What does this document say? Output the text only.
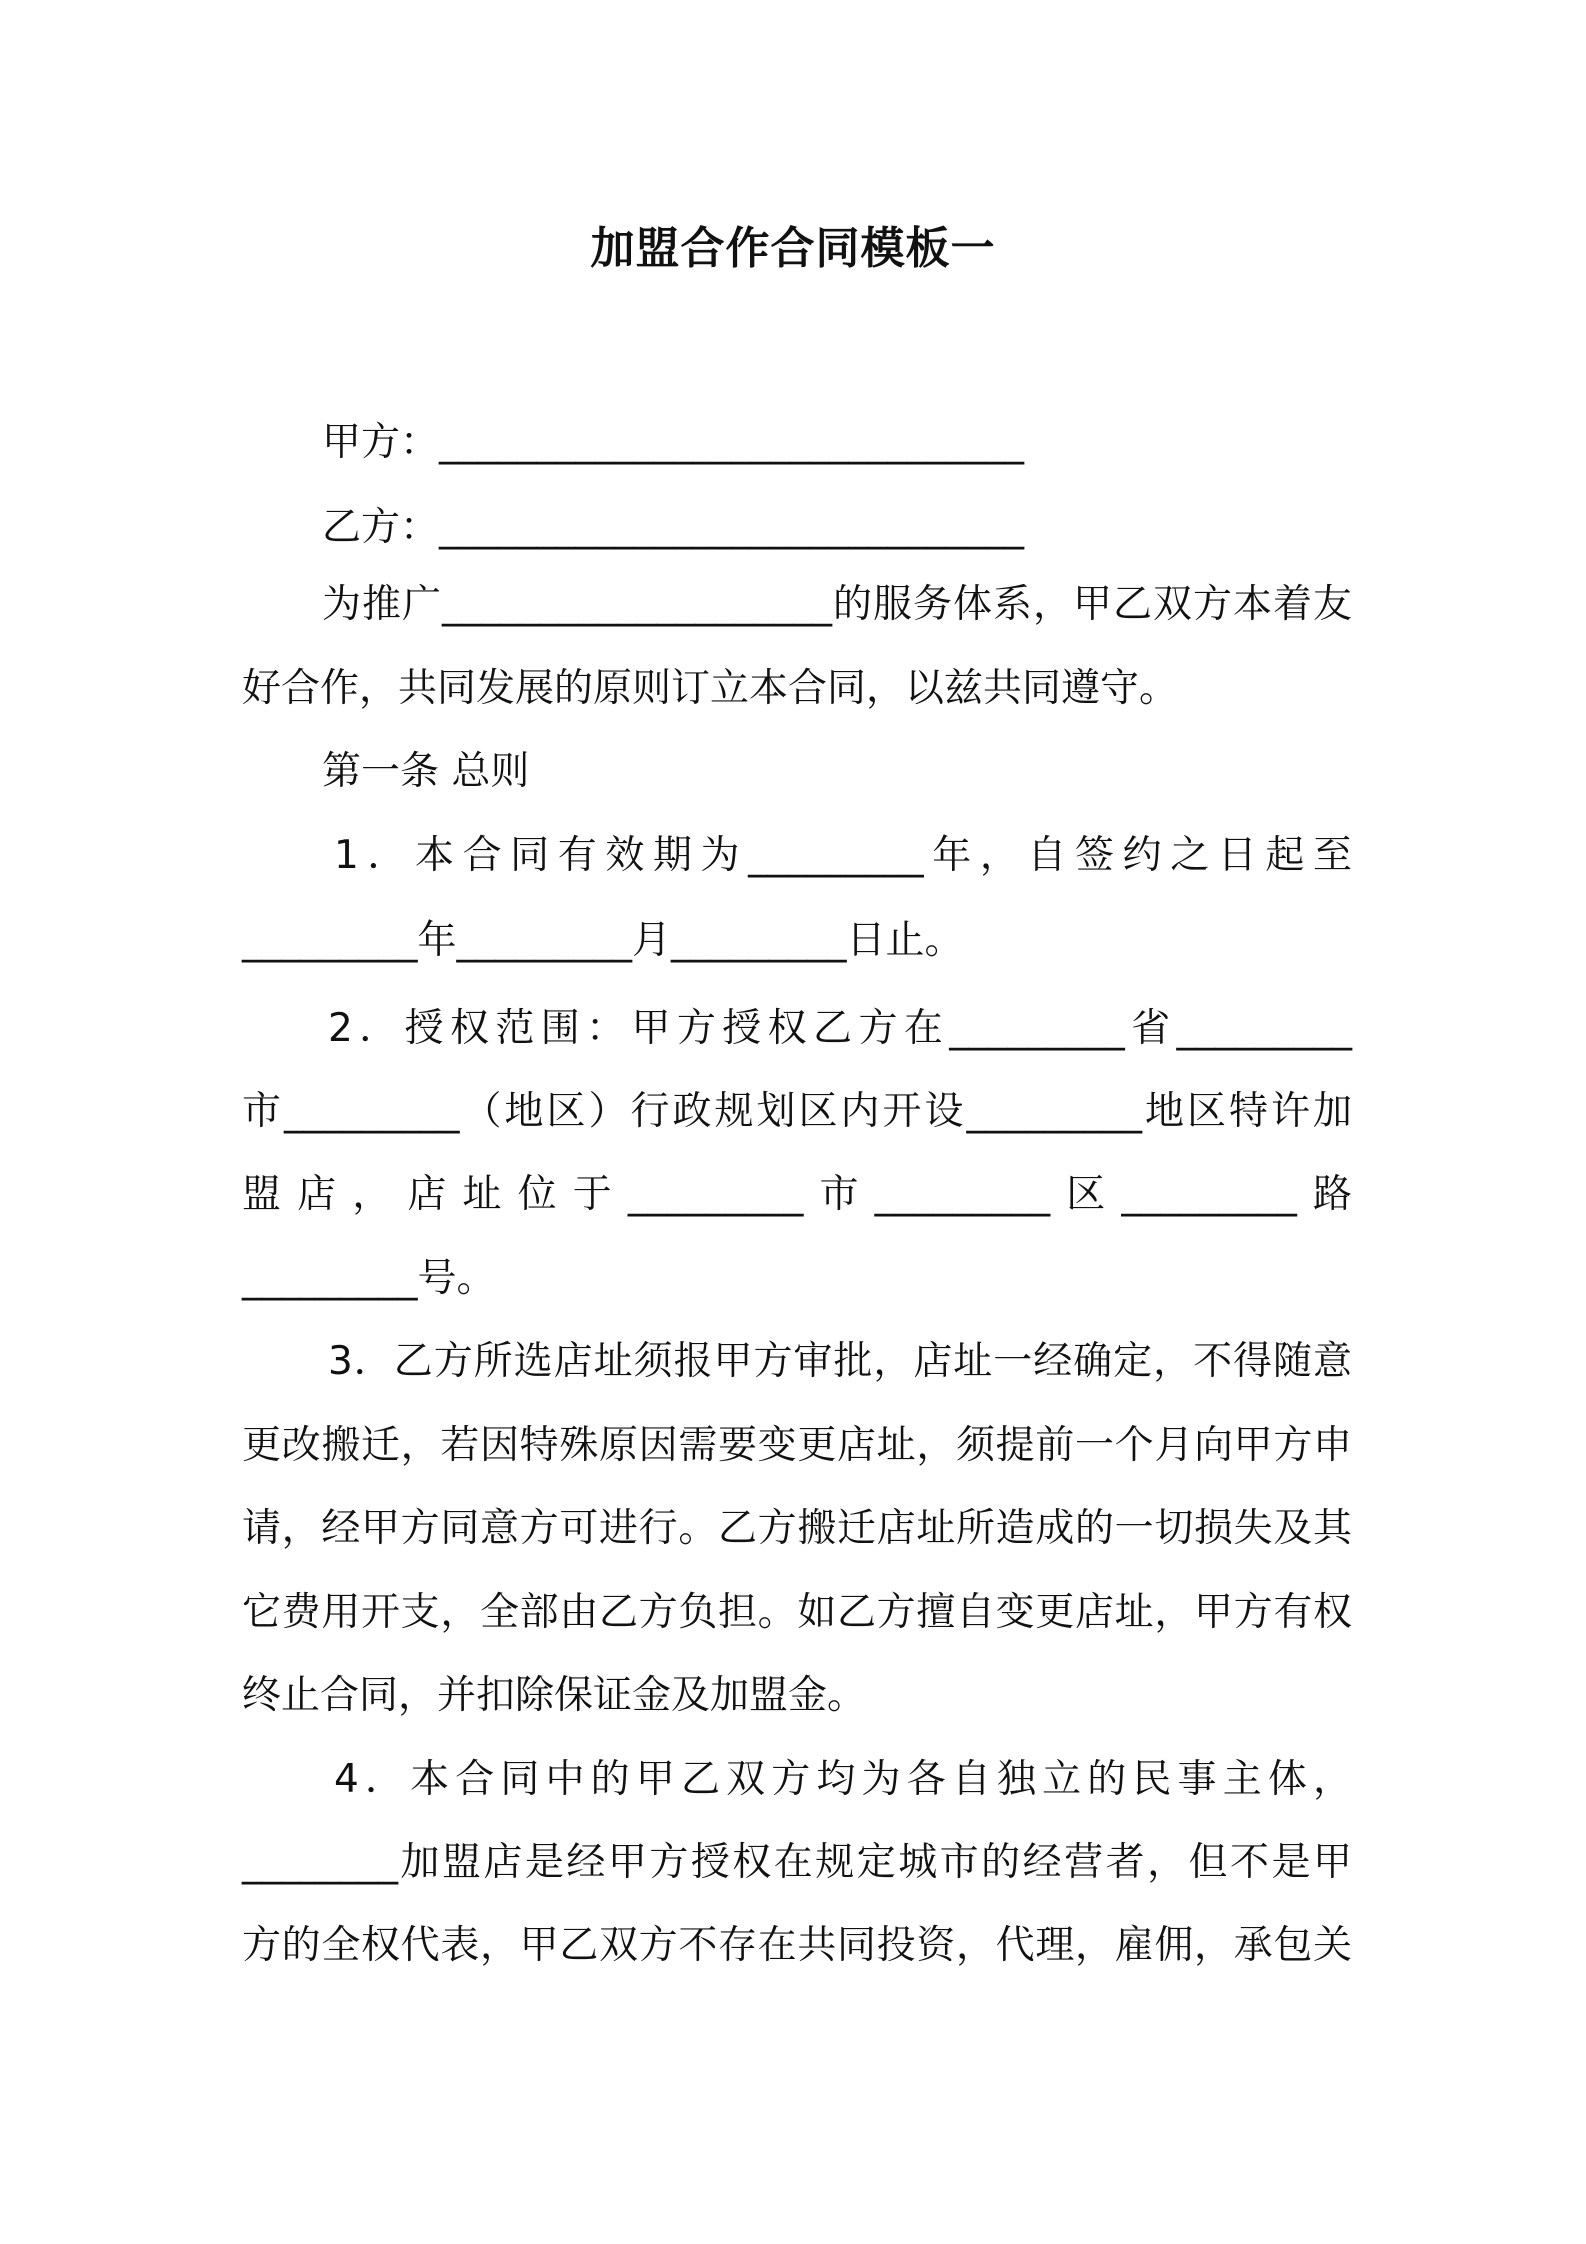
加盟合作合同模板一
甲方：______________________________
乙方：______________________________
为推广____________________的服务体系，甲乙双方本着友
好合作，共同发展的原则订立本合同，以兹共同遵守。
第一条 总则
1．本合同有效期为_________年，自签约之日起至
_________年_________月_________日止。
2．授权范围：甲方授权乙方在_________省_________
市_________（地区）行政规划区内开设_________地区特许加
盟店，店址位于_________市_________区_________路
_________号。
3．乙方所选店址须报甲方审批，店址一经确定，不得随意
更改搬迁，若因特殊原因需要变更店址，须提前一个月向甲方申
请，经甲方同意方可进行。乙方搬迁店址所造成的一切损失及其
它费用开支，全部由乙方负担。如乙方擅自变更店址，甲方有权
终止合同，并扣除保证金及加盟金。
4．本合同中的甲乙双方均为各自独立的民事主体，
________加盟店是经甲方授权在规定城市的经营者，但不是甲
方的全权代表，甲乙双方不存在共同投资，代理，雇佣，承包关
